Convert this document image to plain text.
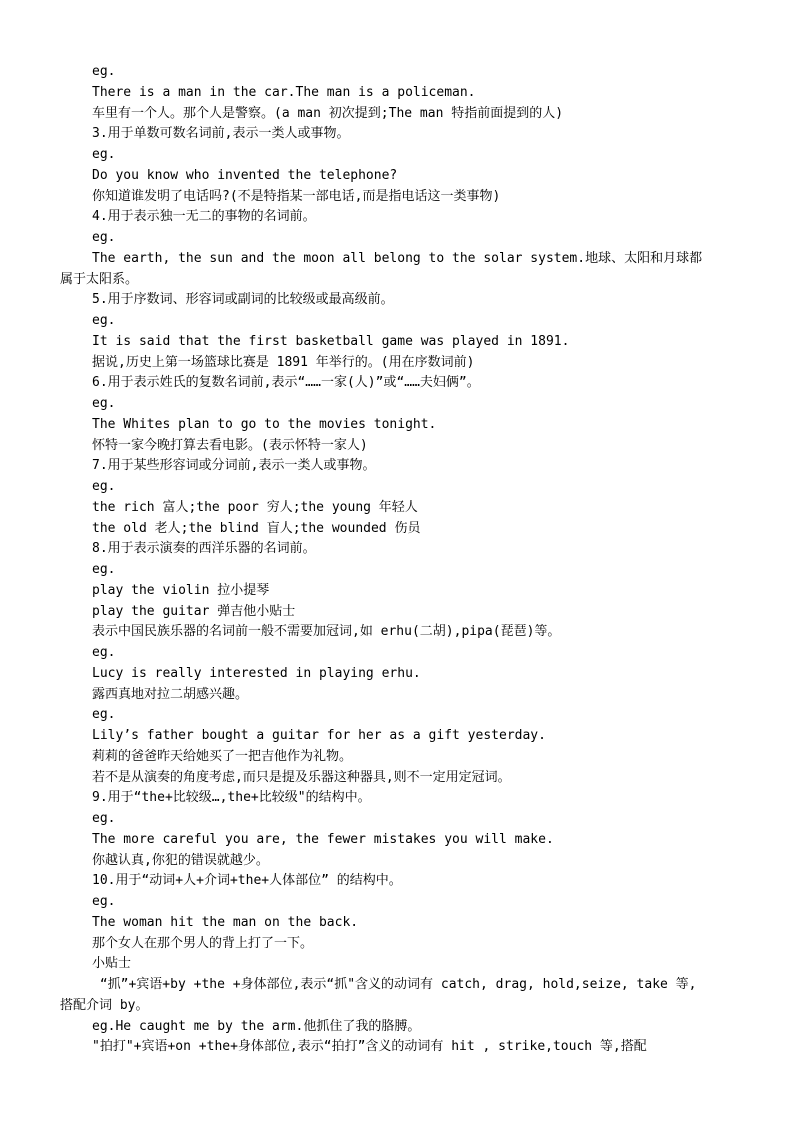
eg.
There is a man in the car.The man is a policeman.
车里有一个人。那个人是警察。(a man 初次提到;The man 特指前面提到的人)
3.用于单数可数名词前,表示一类人或事物。
eg.
Do you know who invented the telephone?
你知道谁发明了电话吗?(不是特指某一部电话,而是指电话这一类事物)
4.用于表示独一无二的事物的名词前。
eg.
The earth, the sun and the moon all belong to the solar system.地球、太阳和月球都
属于太阳系。
5.用于序数词、形容词或副词的比较级或最高级前。
eg.
It is said that the first basketball game was played in 1891.
据说,历史上第一场篮球比赛是 1891 年举行的。(用在序数词前)
6.用于表示姓氏的复数名词前,表示“……一家(人)”或“……夫妇俩”。
eg.
The Whites plan to go to the movies tonight.
怀特一家今晚打算去看电影。(表示怀特一家人)
7.用于某些形容词或分词前,表示一类人或事物。
eg.
the rich 富人;the poor 穷人;the young 年轻人
the old 老人;the blind 盲人;the wounded 伤员
8.用于表示演奏的西洋乐器的名词前。
eg.
play the violin 拉小提琴
play the guitar 弹吉他小贴士
表示中国民族乐器的名词前一般不需要加冠词,如 erhu(二胡),pipa(琵琶)等。
eg.
Lucy is really interested in playing erhu.
露西真地对拉二胡感兴趣。
eg.
Lily’s father bought a guitar for her as a gift yesterday.
莉莉的爸爸昨天给她买了一把吉他作为礼物。
若不是从演奏的角度考虑,而只是提及乐器这种器具,则不一定用定冠词。
9.用于“the+比较级…,the+比较级"的结构中。
eg.
The more careful you are, the fewer mistakes you will make.
你越认真,你犯的错误就越少。
10.用于“动词+人+介词+the+人体部位” 的结构中。
eg.
The woman hit the man on the back.
那个女人在那个男人的背上打了一下。
小贴士
“抓”+宾语+by +the +身体部位,表示“抓"含义的动词有 catch, drag, hold,seize, take 等,
搭配介词 by。
eg.He caught me by the arm.他抓住了我的胳膊。
"拍打"+宾语+on +the+身体部位,表示“拍打”含义的动词有 hit , strike,touch 等,搭配
